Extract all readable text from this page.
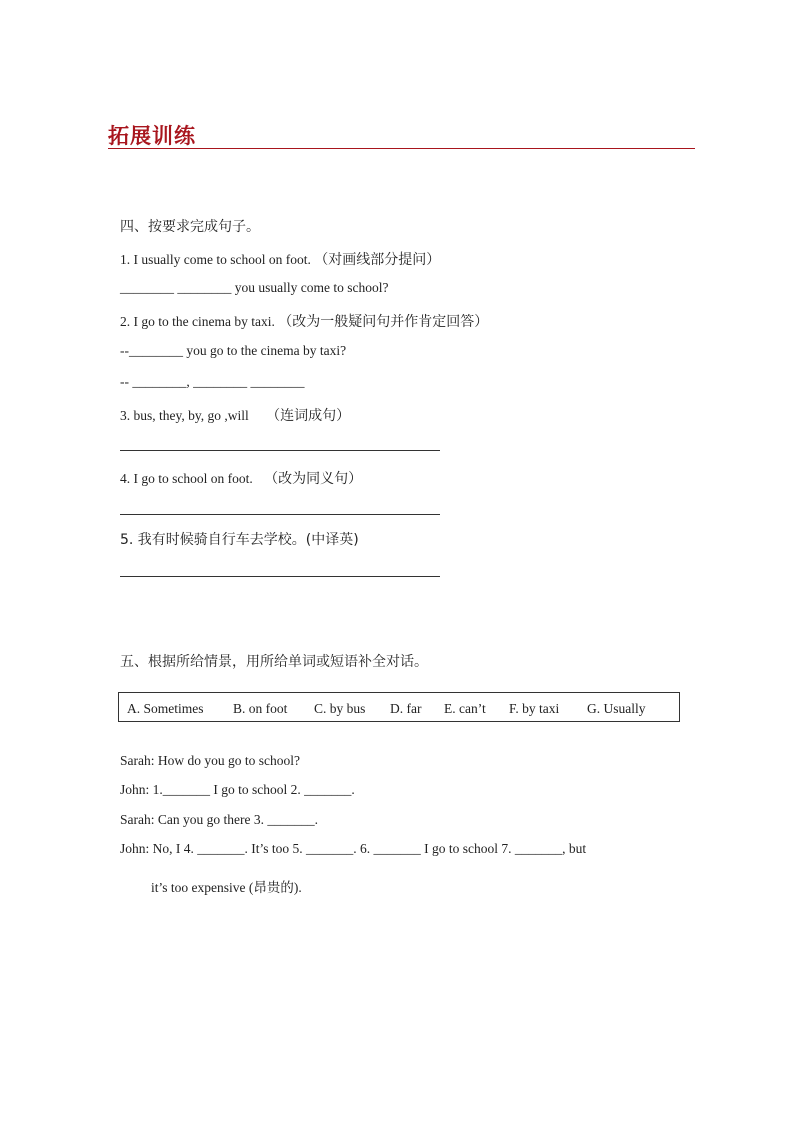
拓展训练
四、按要求完成句子。
1. I usually come to school on foot. （对画线部分提问）
________ ________ you usually come to school?
2. I go to the cinema by taxi. （改为一般疑问句并作肯定回答）
--________ you go to the cinema by taxi?
-- ________, ________ ________
3. bus, they, by, go ,will （连词成句）
4. I go to school on foot. （改为同义句）
5. 我有时候骑自行车去学校。(中译英)
五、根据所给情景，用所给单词或短语补全对话。
A. Sometimes B. on foot C. by bus D. far E. can’t F. by taxi G. Usually
Sarah: How do you go to school?
John: 1._______ I go to school 2. _______.
Sarah: Can you go there 3. _______.
John: No, I 4. _______. It’s too 5. _______. 6. _______ I go to school 7. _______, but
it’s too expensive (昂贵的).
